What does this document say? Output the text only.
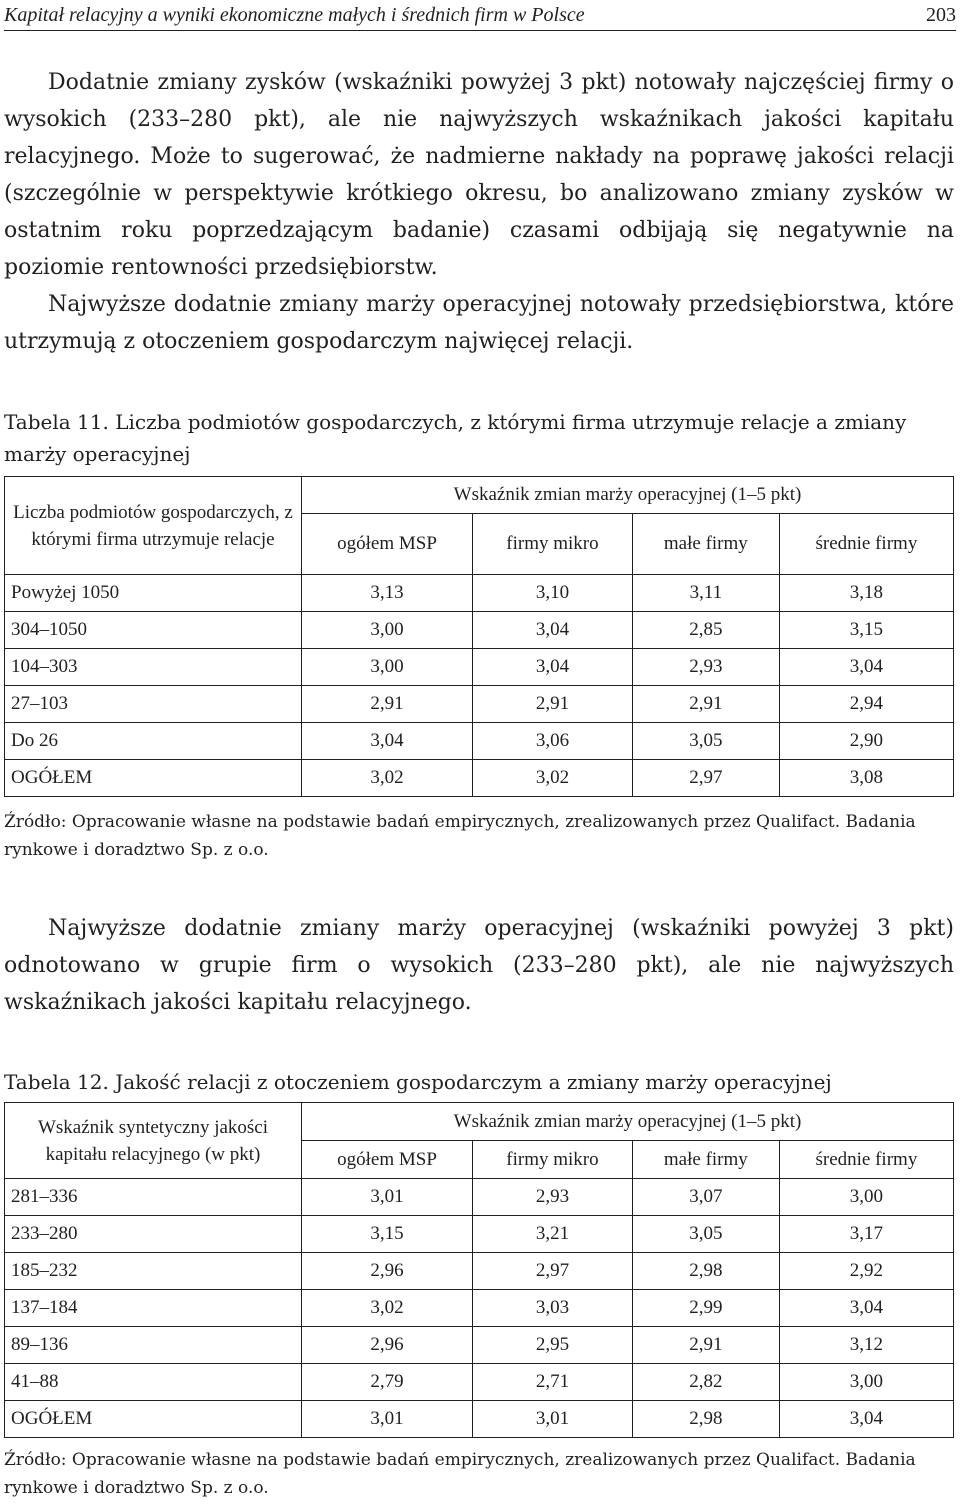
Kapitał relacyjny a wyniki ekonomiczne małych i średnich firm w Polsce	203

Dodatnie zmiany zysków (wskaźniki powyżej 3 pkt) notowały najczęściej firmy o wysokich (233–280 pkt), ale nie najwyższych wskaźnikach jakości kapitału relacyjnego. Może to sugerować, że nadmierne nakłady na poprawę jakości relacji (szczególnie w perspektywie krótkiego okresu, bo analizowano zmiany zysków w ostatnim roku poprzedzającym badanie) czasami odbijają się negatywnie na poziomie rentowności przedsiębiorstw.

Najwyższe dodatnie zmiany marży operacyjnej notowały przedsiębiorstwa, które utrzymują z otoczeniem gospodarczym najwięcej relacji.

Tabela 11. Liczba podmiotów gospodarczych, z którymi firma utrzymuje relacje a zmiany marży operacyjnej

Liczba podmiotów gospodarczych, z którymi firma utrzymuje relacje	Wskaźnik zmian marży operacyjnej (1–5 pkt)			
	ogółem MSP	firmy mikro	małe firmy	średnie firmy
Powyżej 1050	3,13	3,10	3,11	3,18
304–1050	3,00	3,04	2,85	3,15
104–303	3,00	3,04	2,93	3,04
27–103	2,91	2,91	2,91	2,94
Do 26	3,04	3,06	3,05	2,90
OGÓŁEM	3,02	3,02	2,97	3,08

Źródło: Opracowanie własne na podstawie badań empirycznych, zrealizowanych przez Qualifact. Badania rynkowe i doradztwo Sp. z o.o.

Najwyższe dodatnie zmiany marży operacyjnej (wskaźniki powyżej 3 pkt) odnotowano w grupie firm o wysokich (233–280 pkt), ale nie najwyższych wskaźnikach jakości kapitału relacyjnego.

Tabela 12. Jakość relacji z otoczeniem gospodarczym a zmiany marży operacyjnej

Wskaźnik syntetyczny jakości kapitału relacyjnego (w pkt)	Wskaźnik zmian marży operacyjnej (1–5 pkt)			
	ogółem MSP	firmy mikro	małe firmy	średnie firmy
281–336	3,01	2,93	3,07	3,00
233–280	3,15	3,21	3,05	3,17
185–232	2,96	2,97	2,98	2,92
137–184	3,02	3,03	2,99	3,04
89–136	2,96	2,95	2,91	3,12
41–88	2,79	2,71	2,82	3,00
OGÓŁEM	3,01	3,01	2,98	3,04

Źródło: Opracowanie własne na podstawie badań empirycznych, zrealizowanych przez Qualifact. Badania rynkowe i doradztwo Sp. z o.o.
